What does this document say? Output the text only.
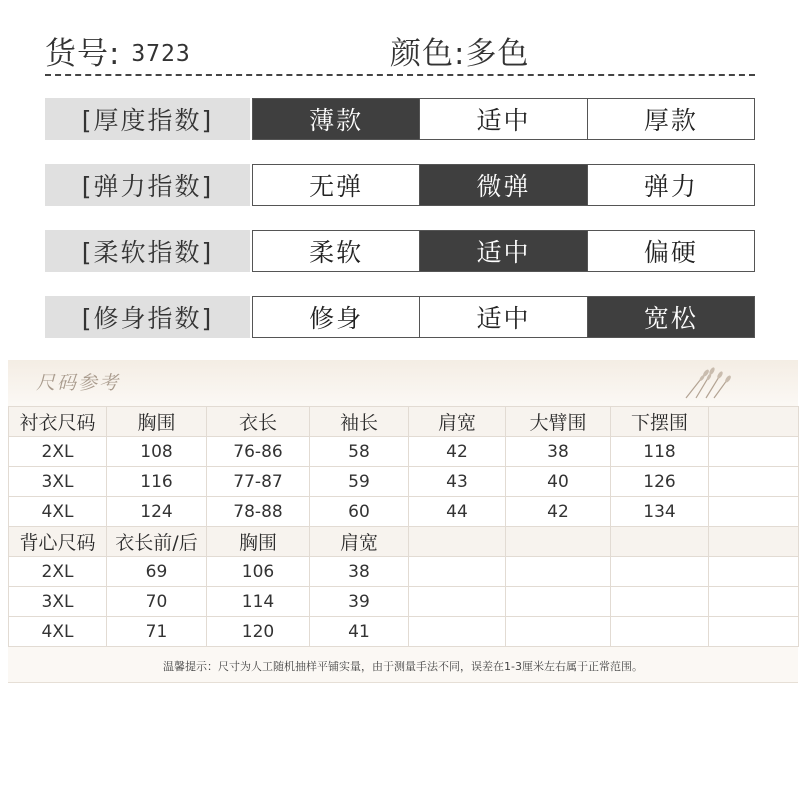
货号: 3723	颜色:多色
[厚度指数]	薄款	适中	厚款
[弹力指数]	无弹	微弹	弹力
[柔软指数]	柔软	适中	偏硬
[修身指数]	修身	适中	宽松
尺码参考
衬衣尺码	胸围	衣长	袖长	肩宽	大臂围	下摆围	
2XL	108	76-86	58	42	38	118	
3XL	116	77-87	59	43	40	126	
4XL	124	78-88	60	44	42	134	
背心尺码	衣长前/后	胸围	肩宽				
2XL	69	106	38				
3XL	70	114	39				
4XL	71	120	41				
温馨提示：尺寸为人工随机抽样平铺实量，由于测量手法不同，误差在1-3厘米左右属于正常范围。
